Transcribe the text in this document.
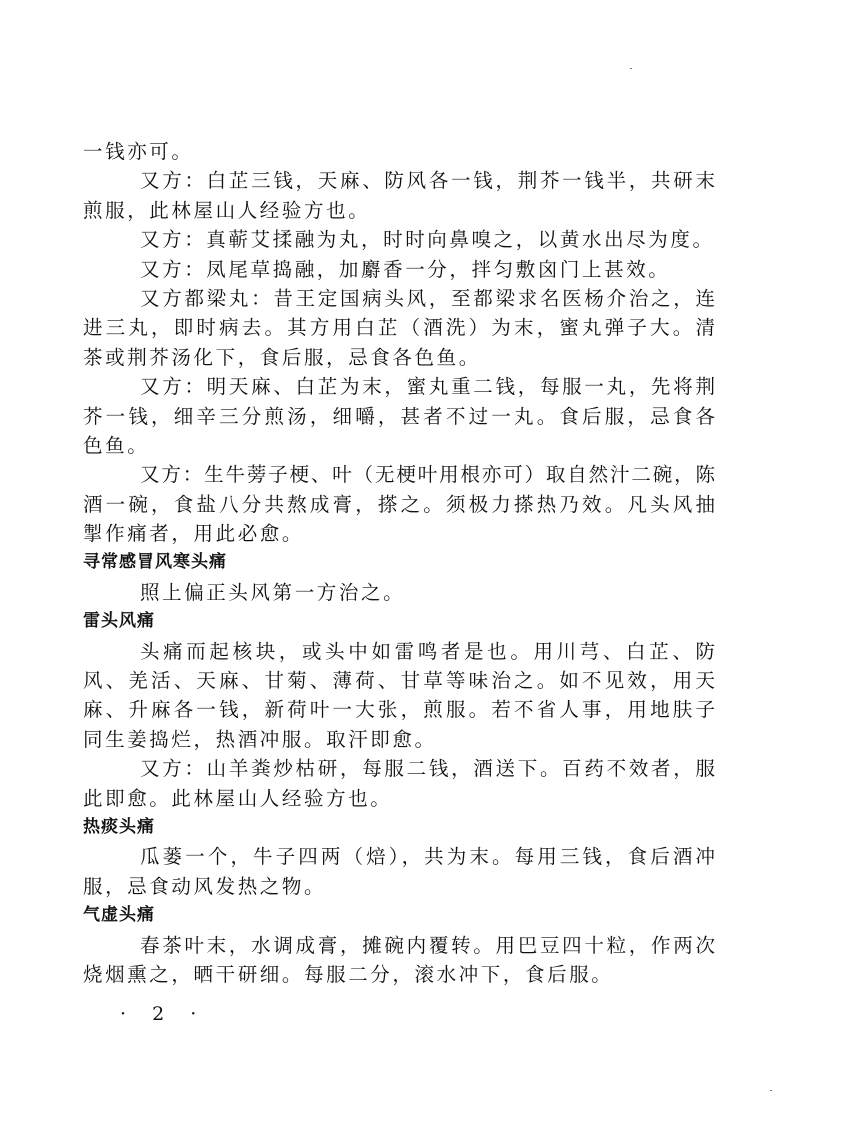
一钱亦可。
又方：白芷三钱，天麻、防风各一钱，荆芥一钱半，共研末
煎服，此林屋山人经验方也。
又方：真蕲艾揉融为丸，时时向鼻嗅之，以黄水出尽为度。
又方：凤尾草捣融，加麝香一分，拌匀敷囟门上甚效。
又方都梁丸：昔王定国病头风，至都梁求名医杨介治之，连
进三丸，即时病去。其方用白芷（酒洗）为末，蜜丸弹子大。清
茶或荆芥汤化下，食后服，忌食各色鱼。
又方：明天麻、白芷为末，蜜丸重二钱，每服一丸，先将荆
芥一钱，细辛三分煎汤，细嚼，甚者不过一丸。食后服，忌食各
色鱼。
又方：生牛蒡子梗、叶（无梗叶用根亦可）取自然汁二碗，陈
酒一碗，食盐八分共熬成膏，搽之。须极力搽热乃效。凡头风抽
掣作痛者，用此必愈。
寻常感冒风寒头痛
照上偏正头风第一方治之。
雷头风痛
头痛而起核块，或头中如雷鸣者是也。用川芎、白芷、防
风、羌活、天麻、甘菊、薄荷、甘草等味治之。如不见效，用天
麻、升麻各一钱，新荷叶一大张，煎服。若不省人事，用地肤子
同生姜捣烂，热酒冲服。取汗即愈。
又方：山羊粪炒枯研，每服二钱，酒送下。百药不效者，服
此即愈。此林屋山人经验方也。
热痰头痛
瓜蒌一个，牛子四两（焙），共为末。每用三钱，食后酒冲
服，忌食动风发热之物。
气虚头痛
春茶叶末，水调成膏，摊碗内覆转。用巴豆四十粒，作两次
烧烟熏之，晒干研细。每服二分，滚水冲下，食后服。
· 2 ·
